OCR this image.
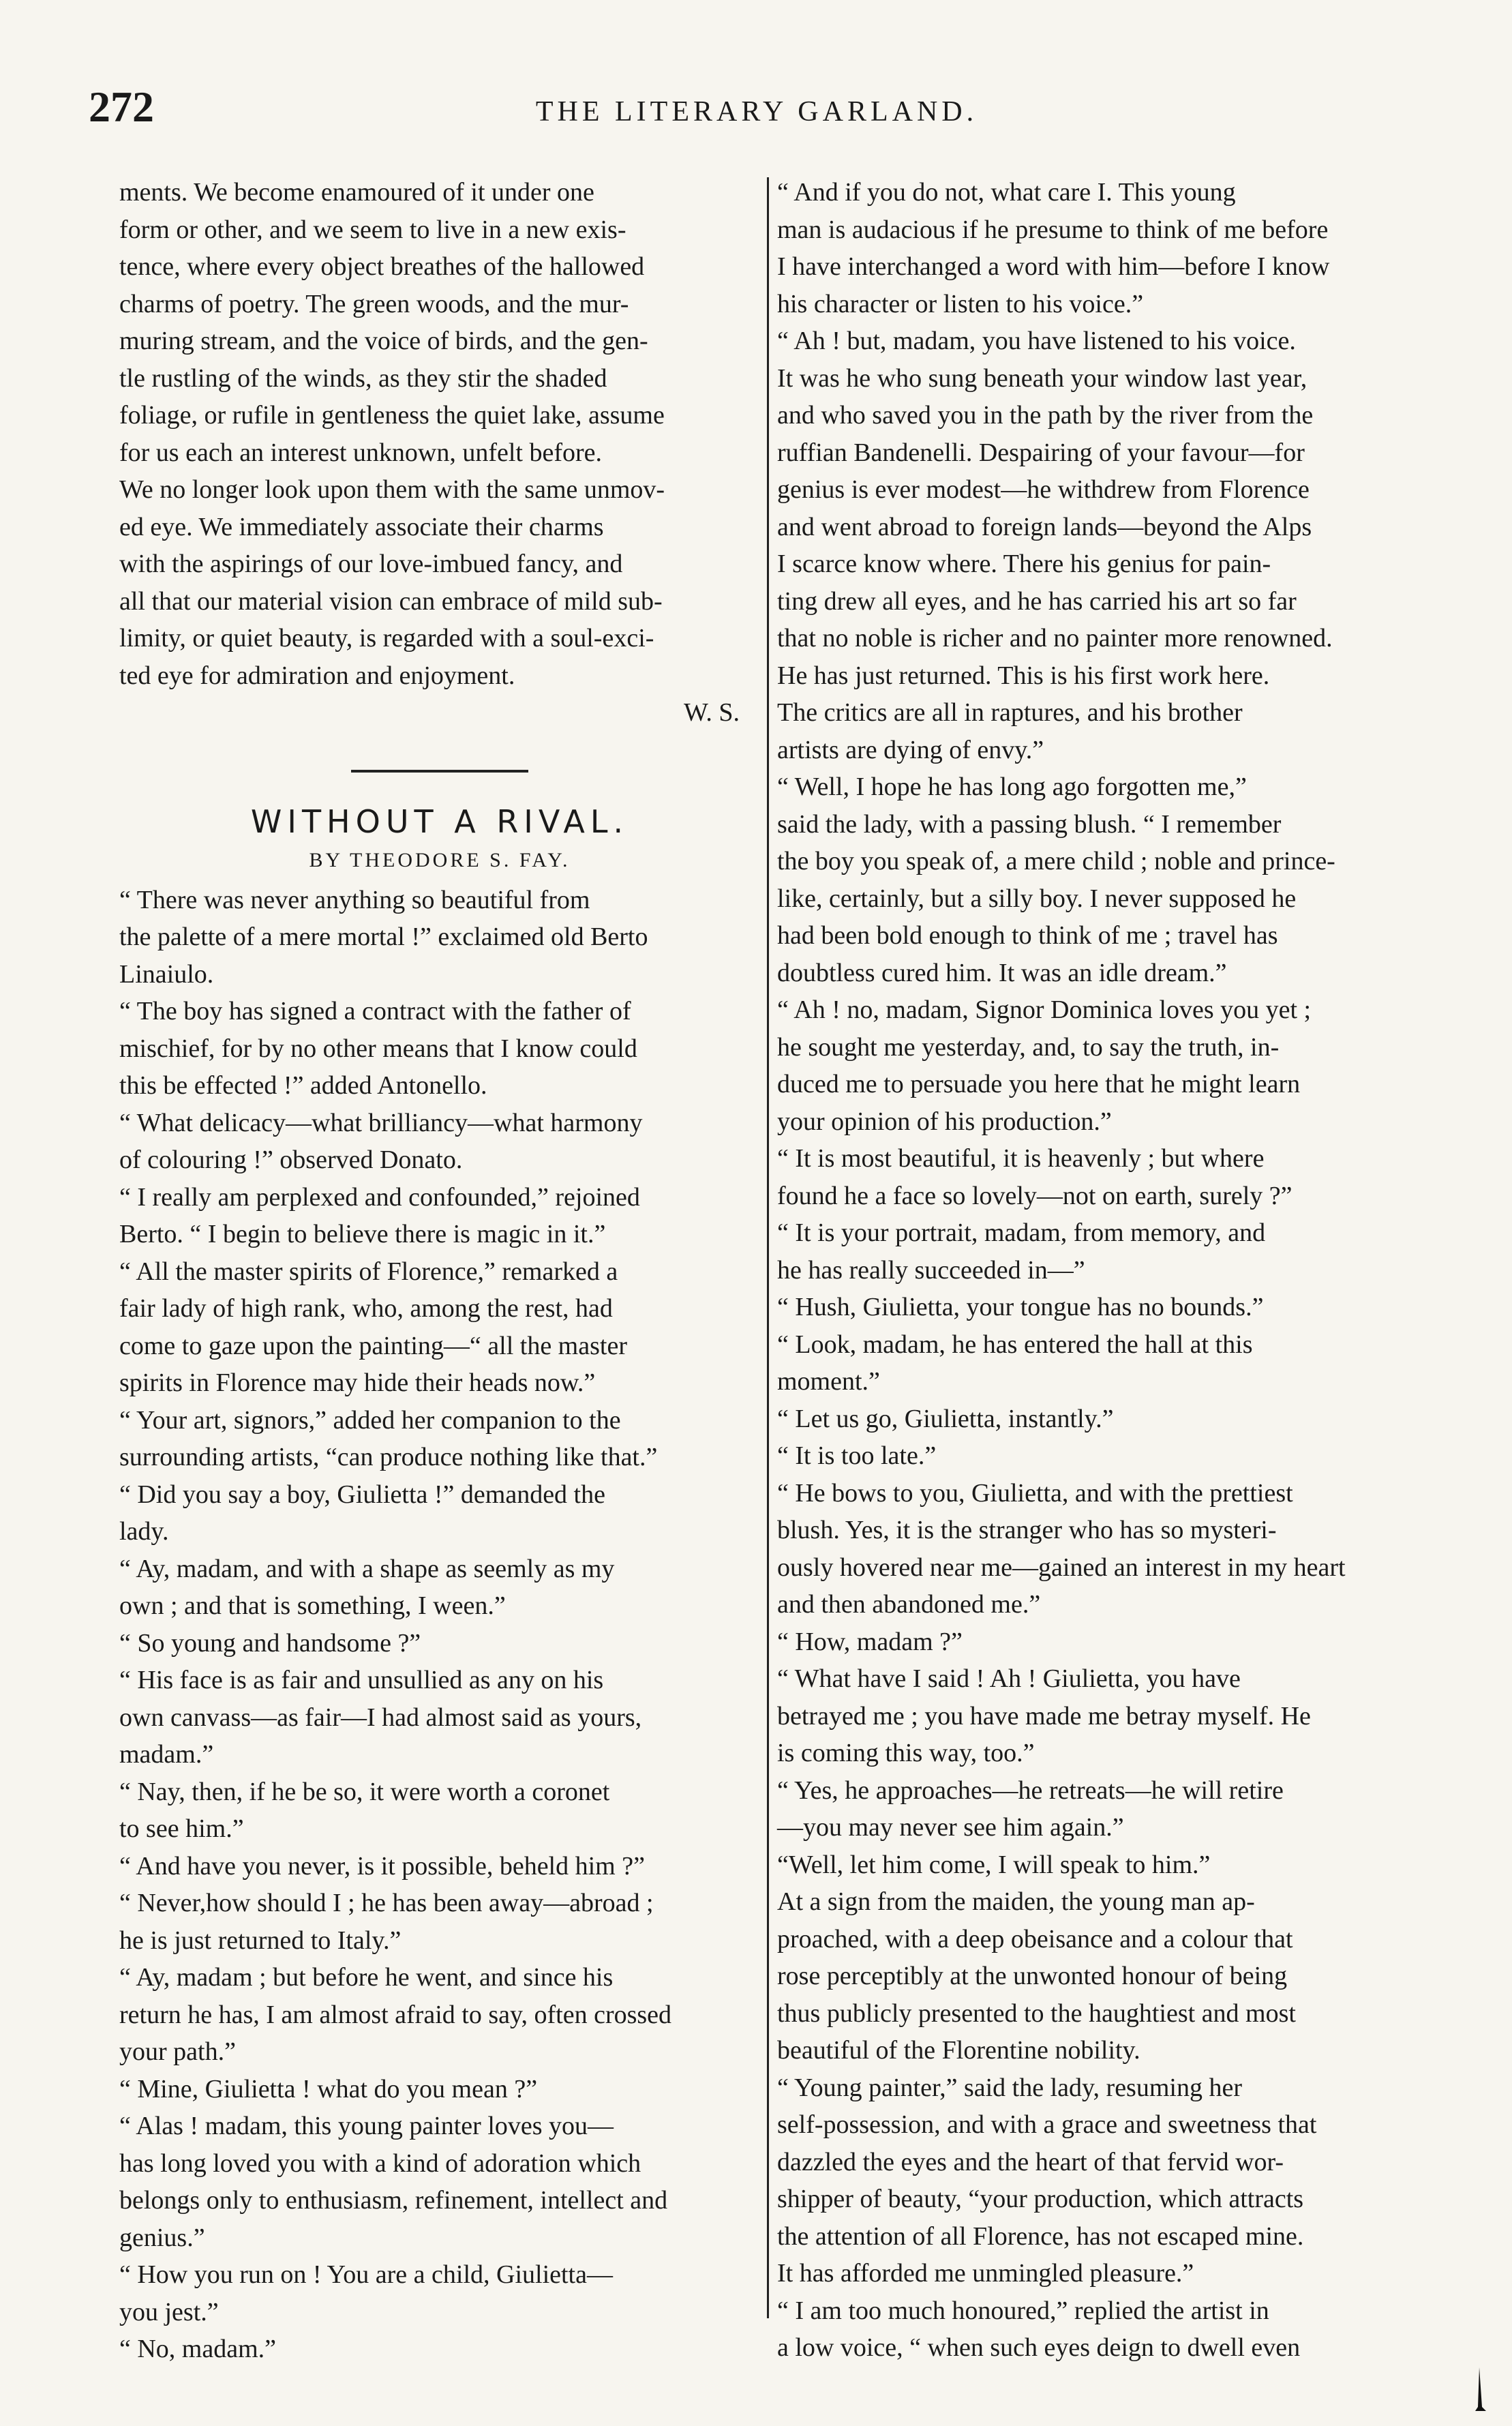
272	THE LITERARY GARLAND.
ments. We become enamoured of it under one
form or other, and we seem to live in a new exis-
tence, where every object breathes of the hallowed
charms of poetry. The green woods, and the mur-
muring stream, and the voice of birds, and the gen-
tle rustling of the winds, as they stir the shaded
foliage, or rufile in gentleness the quiet lake, assume
for us each an interest unknown, unfelt before.
We no longer look upon them with the same unmov-
ed eye. We immediately associate their charms
with the aspirings of our love-imbued fancy, and
all that our material vision can embrace of mild sub-
limity, or quiet beauty, is regarded with a soul-exci-
ted eye for admiration and enjoyment.
W. S.
WITHOUT A RIVAL.
BY THEODORE S. FAY.
“ There was never anything so beautiful from
the palette of a mere mortal !” exclaimed old Berto
Linaiulo.
“ The boy has signed a contract with the father of
mischief, for by no other means that I know could
this be effected !” added Antonello.
“ What delicacy—what brilliancy—what harmony
of colouring !” observed Donato.
“ I really am perplexed and confounded,” rejoined
Berto. “ I begin to believe there is magic in it.”
“ All the master spirits of Florence,” remarked a
fair lady of high rank, who, among the rest, had
come to gaze upon the painting—“ all the master
spirits in Florence may hide their heads now.”
“ Your art, signors,” added her companion to the
surrounding artists, “can produce nothing like that.”
“ Did you say a boy, Giulietta !” demanded the
lady.
“ Ay, madam, and with a shape as seemly as my
own ; and that is something, I ween.”
“ So young and handsome ?”
“ His face is as fair and unsullied as any on his
own canvass—as fair—I had almost said as yours,
madam.”
“ Nay, then, if he be so, it were worth a coronet
to see him.”
“ And have you never, is it possible, beheld him ?”
“ Never,how should I ; he has been away—abroad ;
he is just returned to Italy.”
“ Ay, madam ; but before he went, and since his
return he has, I am almost afraid to say, often crossed
your path.”
“ Mine, Giulietta ! what do you mean ?”
“ Alas ! madam, this young painter loves you—
has long loved you with a kind of adoration which
belongs only to enthusiasm, refinement, intellect and
genius.”
“ How you run on ! You are a child, Giulietta—
you jest.”
“ No, madam.”
“ And if you do not, what care I. This young
man is audacious if he presume to think of me before
I have interchanged a word with him—before I know
his character or listen to his voice.”
“ Ah ! but, madam, you have listened to his voice.
It was he who sung beneath your window last year,
and who saved you in the path by the river from the
ruffian Bandenelli. Despairing of your favour—for
genius is ever modest—he withdrew from Florence
and went abroad to foreign lands—beyond the Alps
I scarce know where. There his genius for pain-
ting drew all eyes, and he has carried his art so far
that no noble is richer and no painter more renowned.
He has just returned. This is his first work here.
The critics are all in raptures, and his brother
artists are dying of envy.”
“ Well, I hope he has long ago forgotten me,”
said the lady, with a passing blush. “ I remember
the boy you speak of, a mere child ; noble and prince-
like, certainly, but a silly boy. I never supposed he
had been bold enough to think of me ; travel has
doubtless cured him. It was an idle dream.”
“ Ah ! no, madam, Signor Dominica loves you yet ;
he sought me yesterday, and, to say the truth, in-
duced me to persuade you here that he might learn
your opinion of his production.”
“ It is most beautiful, it is heavenly ; but where
found he a face so lovely—not on earth, surely ?”
“ It is your portrait, madam, from memory, and
he has really succeeded in—”
“ Hush, Giulietta, your tongue has no bounds.”
“ Look, madam, he has entered the hall at this
moment.”
“ Let us go, Giulietta, instantly.”
“ It is too late.”
“ He bows to you, Giulietta, and with the prettiest
blush. Yes, it is the stranger who has so mysteri-
ously hovered near me—gained an interest in my heart
and then abandoned me.”
“ How, madam ?”
“ What have I said ! Ah ! Giulietta, you have
betrayed me ; you have made me betray myself. He
is coming this way, too.”
“ Yes, he approaches—he retreats—he will retire
—you may never see him again.”
“Well, let him come, I will speak to him.”
At a sign from the maiden, the young man ap-
proached, with a deep obeisance and a colour that
rose perceptibly at the unwonted honour of being
thus publicly presented to the haughtiest and most
beautiful of the Florentine nobility.
“ Young painter,” said the lady, resuming her
self-possession, and with a grace and sweetness that
dazzled the eyes and the heart of that fervid wor-
shipper of beauty, “your production, which attracts
the attention of all Florence, has not escaped mine.
It has afforded me unmingled pleasure.”
“ I am too much honoured,” replied the artist in
a low voice, “ when such eyes deign to dwell even
